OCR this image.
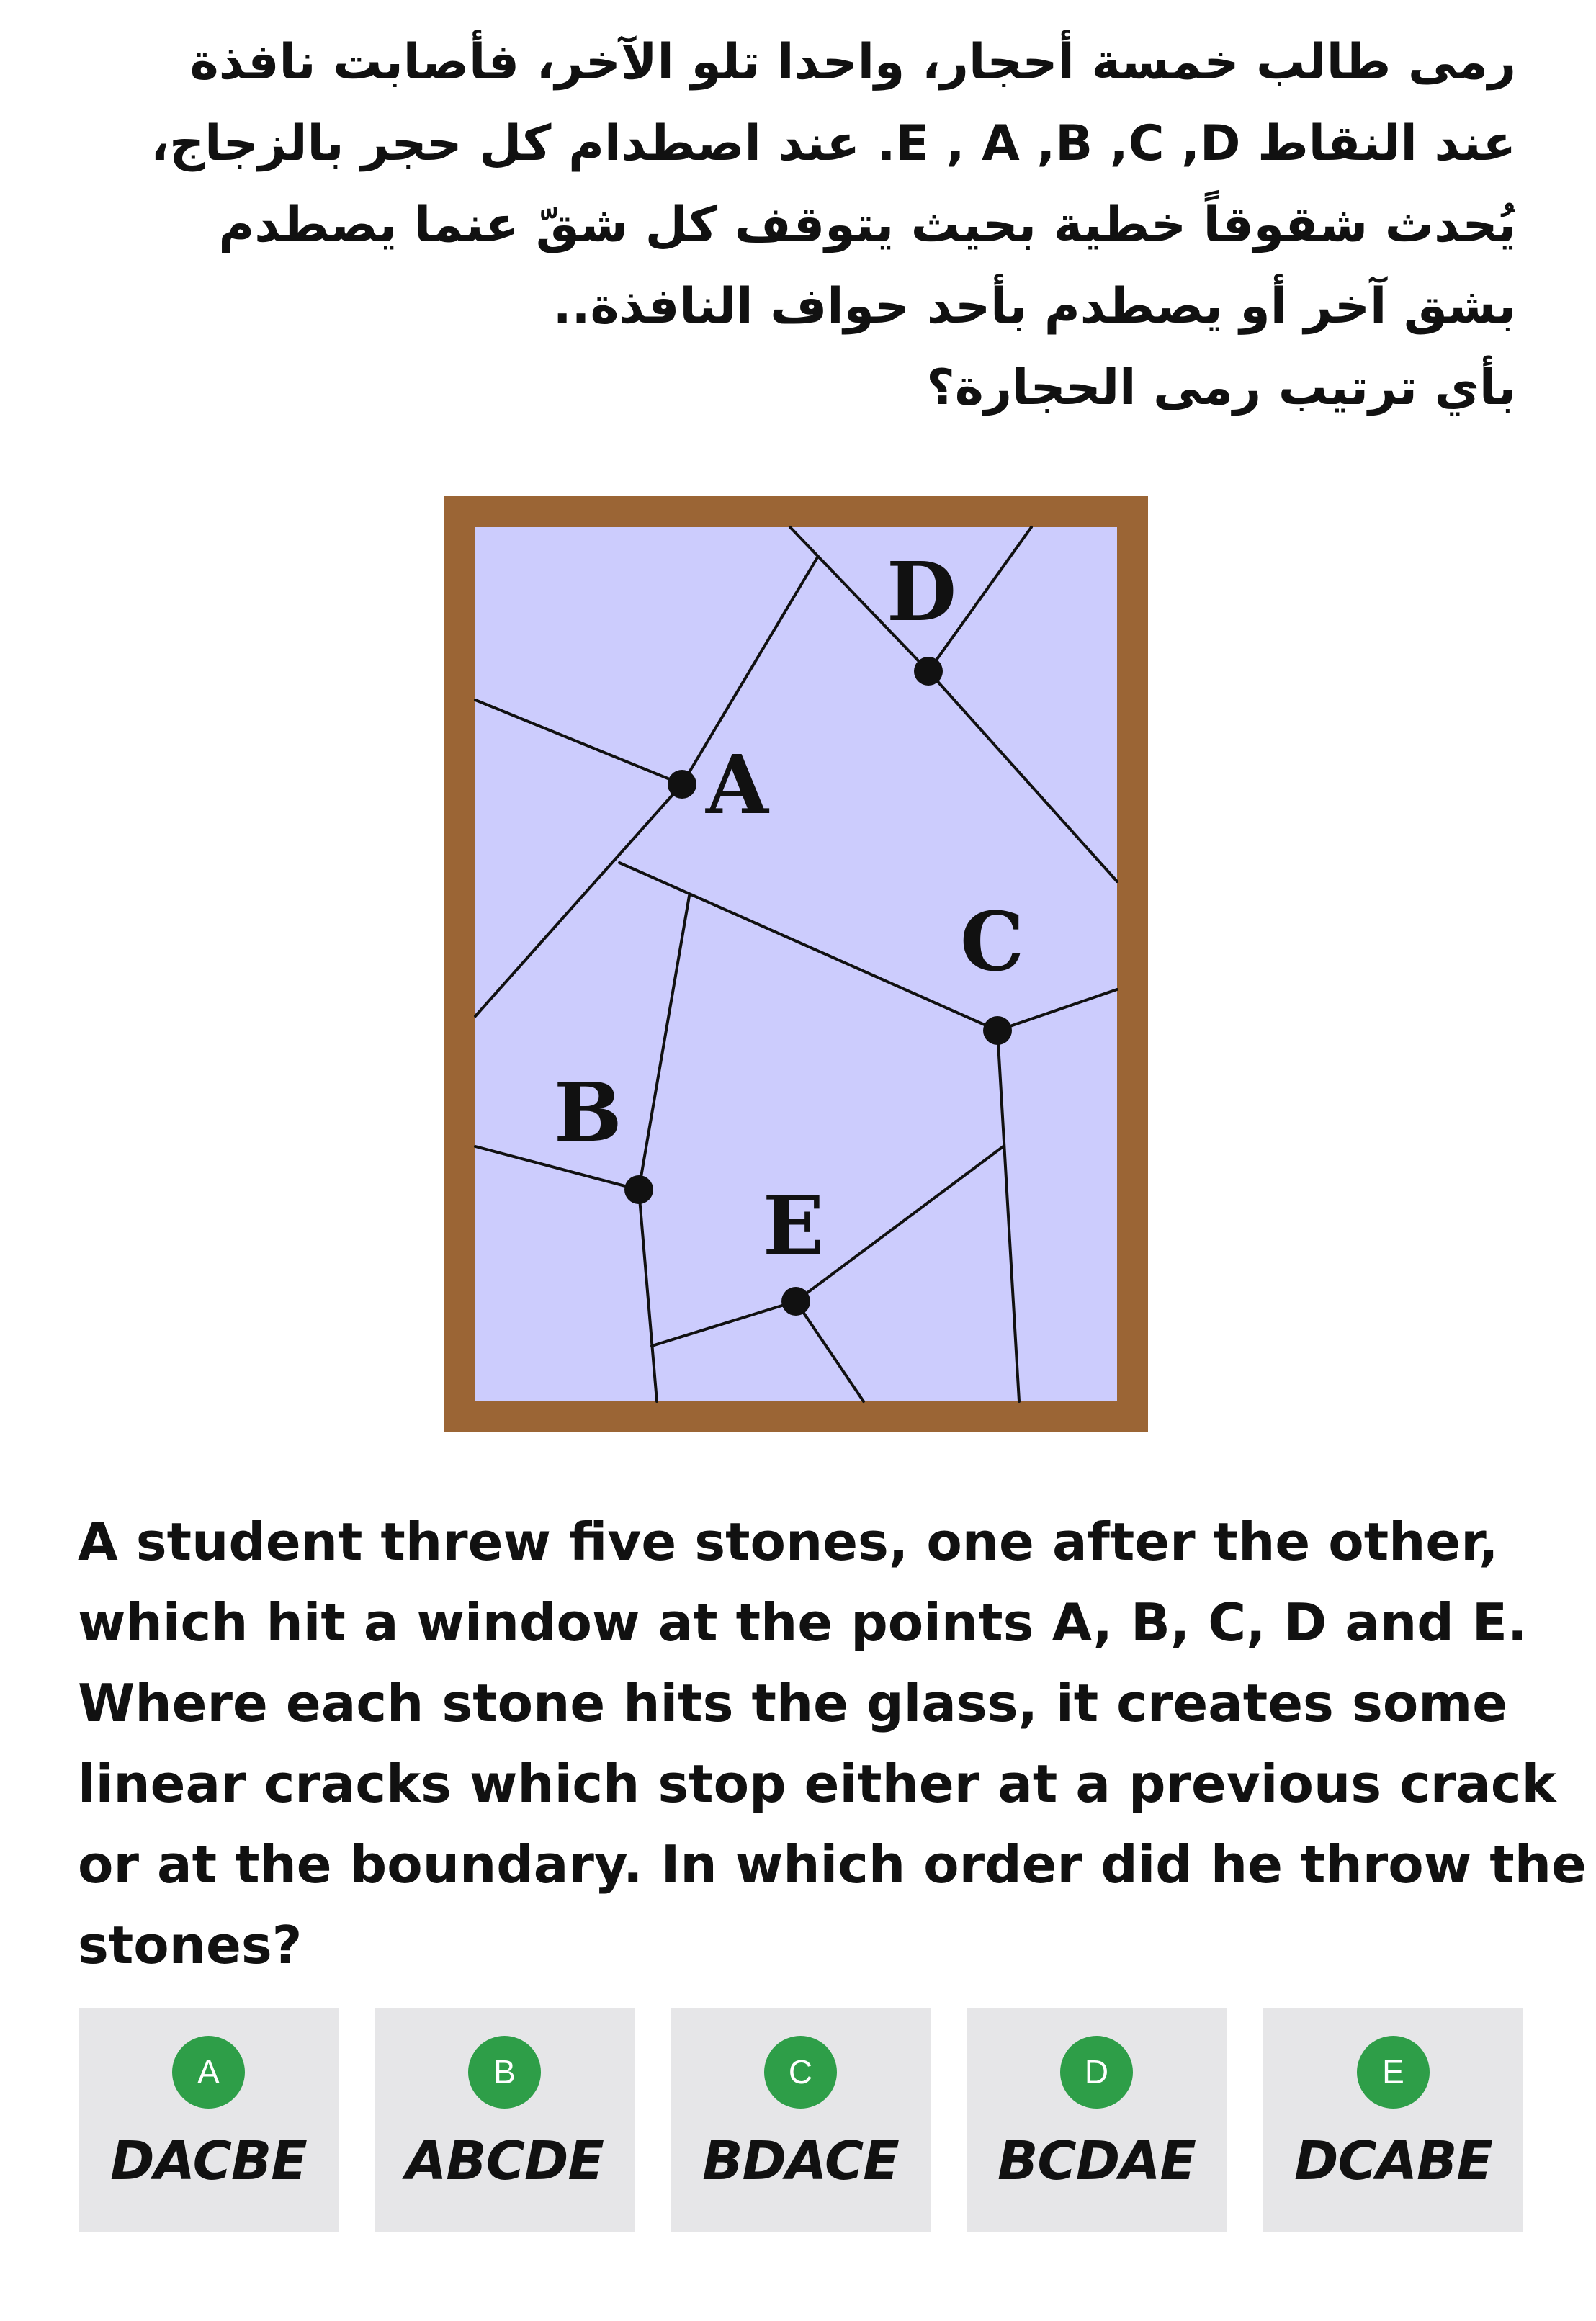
رمى طالب خمسة أحجار، واحدا تلو الآخر، فأصابت نافذة
عند النقاط E , A ,B ,C ,D. عند اصطدام كل حجر بالزجاج،
يُحدث شقوقاً خطية بحيث يتوقف كل شقّ عنما يصطدم
بشق آخر أو يصطدم بأحد حواف النافذة..
بأي ترتيب رمى الحجارة؟
A
B
C
D
E
A student threw five stones, one after the other,
which hit a window at the points A, B, C, D and E.
Where each stone hits the glass, it creates some
linear cracks which stop either at a previous crack
or at the boundary. In which order did he throw the
stones?
A
DACBE
B
ABCDE
C
BDACE
D
BCDAE
E
DCABE
